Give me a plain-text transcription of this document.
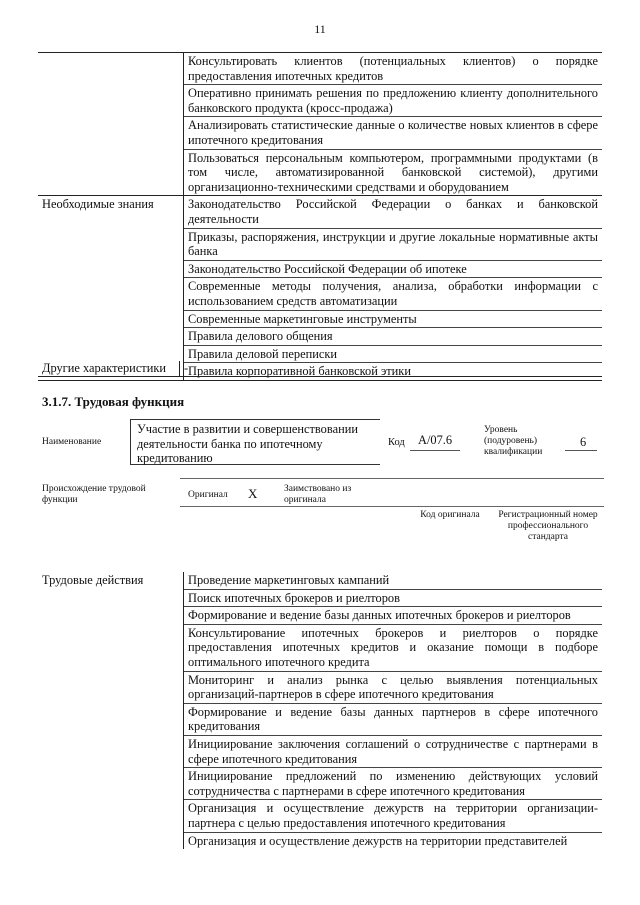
11
	Консультировать клиентов (потенциальных клиентов) о порядке предоставления ипотечных кредитов
	Оперативно принимать решения по предложению клиенту дополнительного банковского продукта (кросс-продажа)
	Анализировать статистические данные о количестве новых клиентов в сфере ипотечного кредитования
	Пользоваться персональным компьютером, программными продуктами (в том числе, автоматизированной банковской системой), другими организационно-техническими средствами и оборудованием
Необходимые знания	Законодательство Российской Федерации о банках и банковской деятельности
	Приказы, распоряжения, инструкции и другие локальные нормативные акты банка
	Законодательство Российской Федерации об ипотеке
	Современные методы получения, анализа, обработки информации с использованием средств автоматизации
	Современные маркетинговые инструменты
	Правила делового общения
	Правила деловой переписки
	Правила корпоративной банковской этики
Другие характеристики -
3.1.7. Трудовая функция
Наименование
Участие в развитии и совершенствовании деятельности банка по ипотечному кредитованию
Код A/07.6
Уровень (подуровень) квалификации
6
Происхождение трудовой функции	Оригинал X	Заимствовано из оригинала
Код оригинала	Регистрационный номер профессионального стандарта
Трудовые действия	Проведение маркетинговых кампаний
	Поиск ипотечных брокеров и риелторов
	Формирование и ведение базы данных ипотечных брокеров и риелторов
	Консультирование ипотечных брокеров и риелторов о порядке предоставления ипотечных кредитов и оказание помощи в подборе оптимального ипотечного кредита
	Мониторинг и анализ рынка с целью выявления потенциальных организаций-партнеров в сфере ипотечного кредитования
	Формирование и ведение базы данных партнеров в сфере ипотечного кредитования
	Инициирование заключения соглашений о сотрудничестве с партнерами в сфере ипотечного кредитования
	Инициирование предложений по изменению действующих условий сотрудничества с партнерами в сфере ипотечного кредитования
	Организация и осуществление дежурств на территории организации-партнера с целью предоставления ипотечного кредитования
	Организация и осуществление дежурств на территории представителей
